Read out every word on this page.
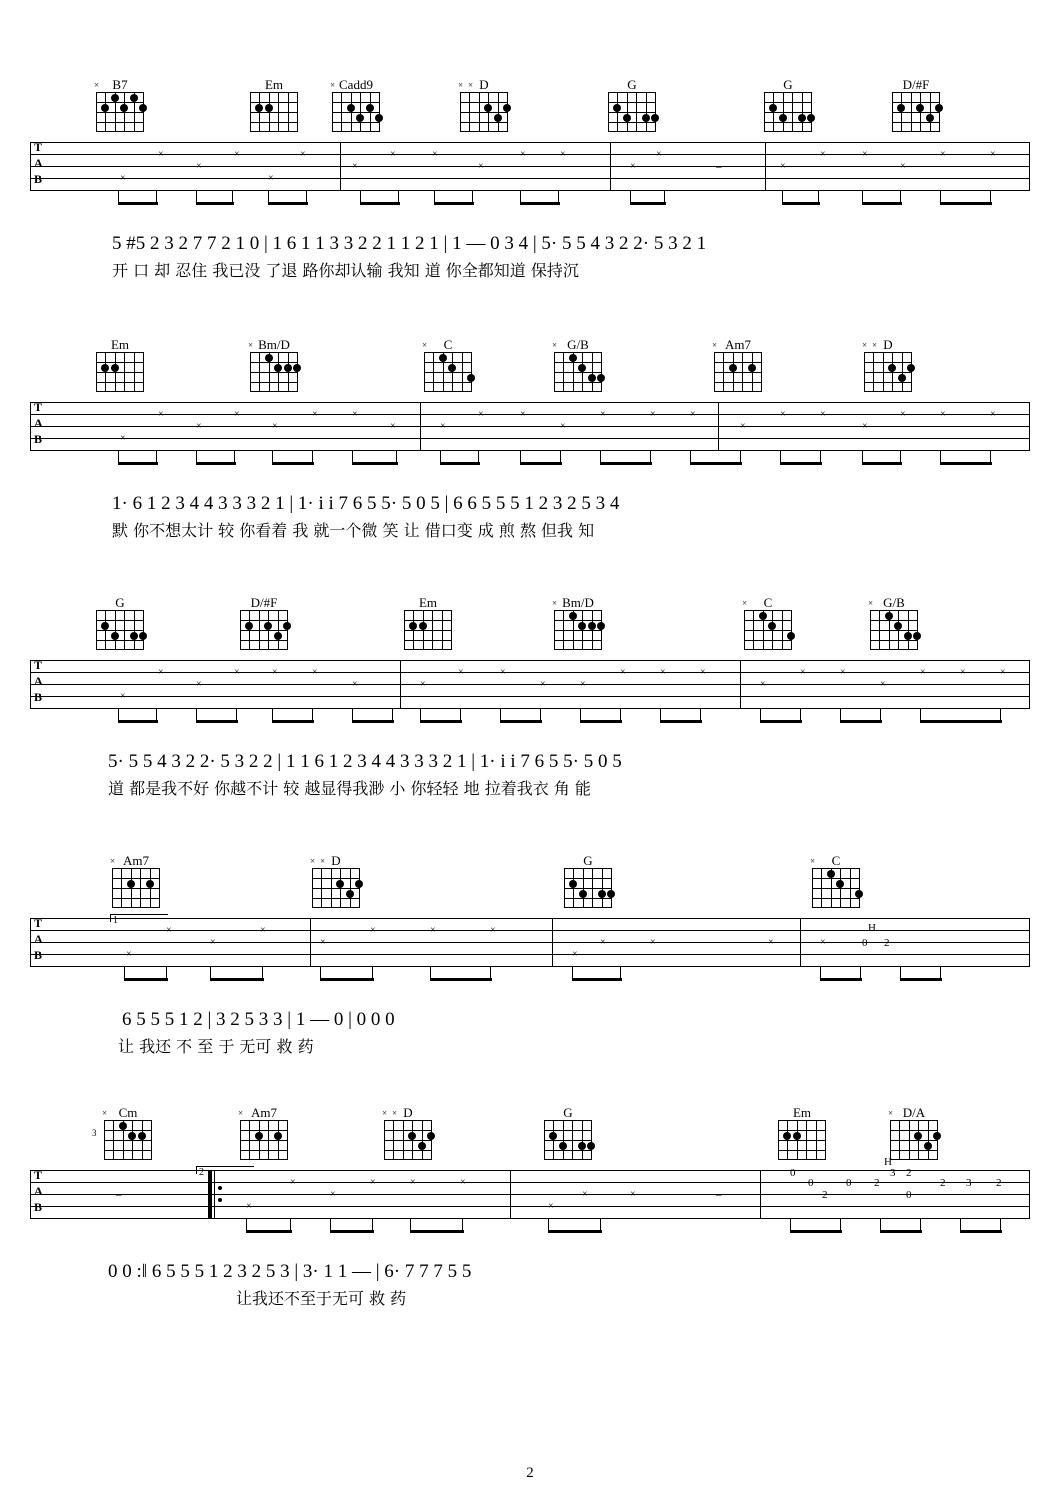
B7
×	Em	Cadd9
×	D
× ×	G	G	D/#F
T
A
B	×
×
×
×
×
×
×
×	×
×
×	×
×
×
×
×	×
×
×	×
–
5 #5 2 3 2 7 7 2 1 0 | 1 6 1 1 3 3 2 2 1 1 2 1 | 1 — 0 3 4 | 5· 5 5 4 3 2 2· 5 3 2 1
开 口 却 忍住 我已没 了退 路你却认输 我知 道 你全都知道 保持沉
Em	Bm/D
×	C
×	G/B
×	Am7
×	D
× ×
T
A
B	×
×
×
×
×
×	×
×	×
×	×
×
×	×	×
×
×	×
×
×	×	×
1· 6 1 2 3 4 4 3 3 3 2 1 | 1· i i 7 6 5 5· 5 0 5 | 6 6 5 5 5 1 2 3 2 5 3 4
默 你不想太计 较 你看着 我 就一个微 笑 让 借口变 成 煎 熬 但我 知
G	D/#F	Em	Bm/D
×	C
×	G/B
×
T
A
B	×
×
×
×	×	×
×	×
×	×
×	×
×	×	×
×
×	×
×
×	×	×
5· 5 5 4 3 2 2· 5 3 2 2 | 1 1 6 1 2 3 4 4 3 3 3 2 1 | 1· i i 7 6 5 5· 5 0 5
道 都是我不好 你越不计 较 越显得我渺 小 你轻轻 地 拉着我衣 角 能
Am7
×	D
× ×	G	C
×
T
A
B	×
×
×
×
×
×	×	×
×
×	×	×	×	0 2
H
1
6 5 5 5 1 2 | 3 2 5 3 3 | 1 — 0 | 0 0 0
让 我还 不 至 于 无可 救 药
Cm
3
×	Am7
×	D
× ×	G	Em	D/A
×
T
A
B
–
×
×
×
×	×	×
×
×	×	–
0
2
0	0 2
3 2
2 3
0
2
H
2
0 0 :‖ 6 5 5 5 1 2 3 2 5 3 | 3· 1 1 — | 6· 7 7 7 5 5
让我还不至于无可 救 药
2
